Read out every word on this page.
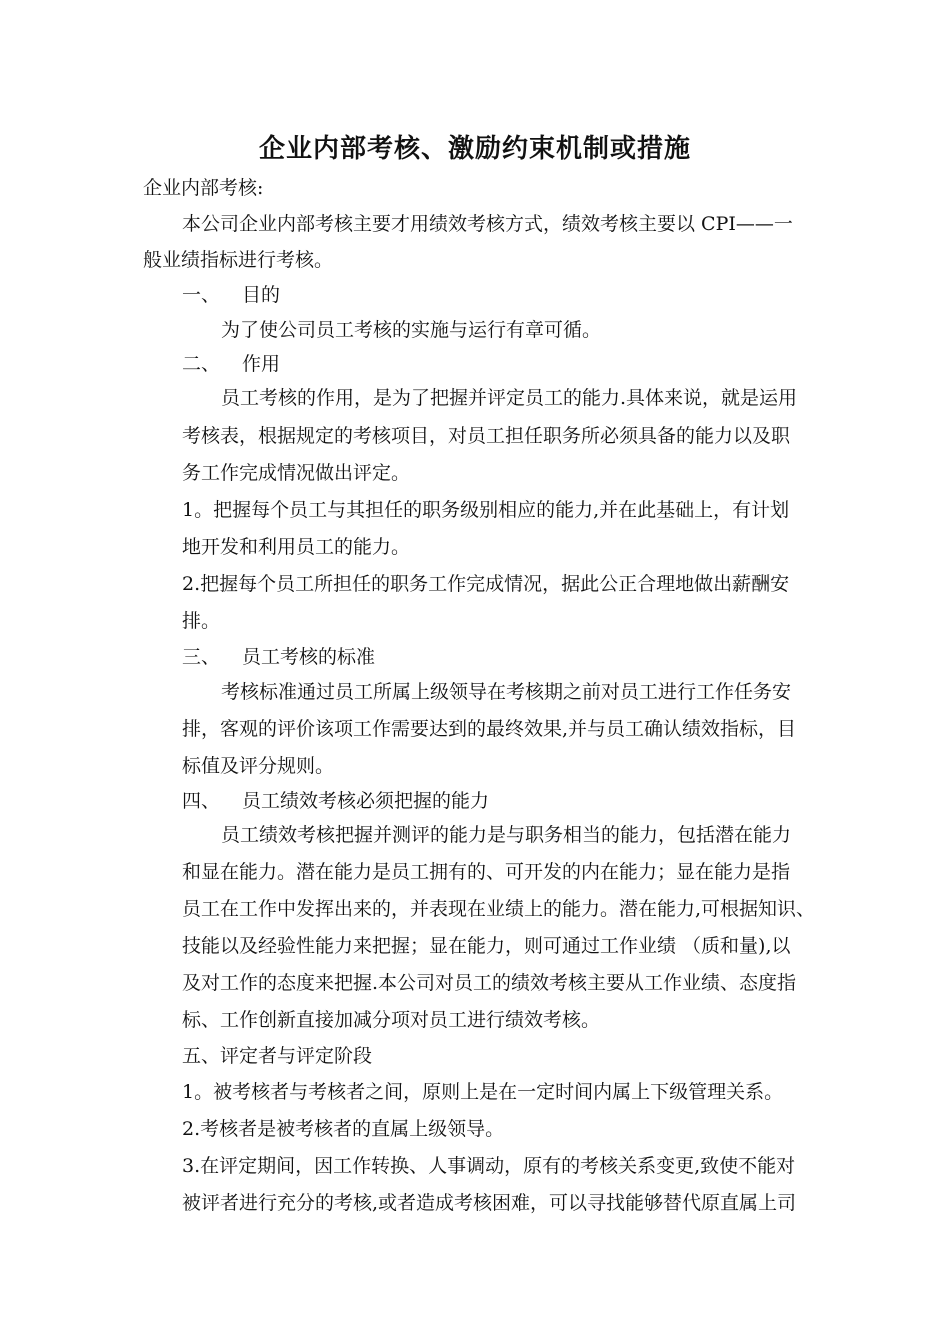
企业内部考核、激励约束机制或措施
企业内部考核:
本公司企业内部考核主要才用绩效考核方式，绩效考核主要以 CPI——一
般业绩指标进行考核。
一、 目的
为了使公司员工考核的实施与运行有章可循。
二、 作用
员工考核的作用，是为了把握并评定员工的能力.具体来说，就是运用
考核表，根据规定的考核项目，对员工担任职务所必须具备的能力以及职
务工作完成情况做出评定。
1。把握每个员工与其担任的职务级别相应的能力,并在此基础上，有计划
地开发和利用员工的能力。
2.把握每个员工所担任的职务工作完成情况，据此公正合理地做出薪酬安
排。
三、 员工考核的标准
考核标准通过员工所属上级领导在考核期之前对员工进行工作任务安
排，客观的评价该项工作需要达到的最终效果,并与员工确认绩效指标，目
标值及评分规则。
四、 员工绩效考核必须把握的能力
员工绩效考核把握并测评的能力是与职务相当的能力，包括潜在能力
和显在能力。潜在能力是员工拥有的、可开发的内在能力；显在能力是指
员工在工作中发挥出来的，并表现在业绩上的能力。潜在能力,可根据知识、
技能以及经验性能力来把握；显在能力，则可通过工作业绩 （质和量),以
及对工作的态度来把握.本公司对员工的绩效考核主要从工作业绩、态度指
标、工作创新直接加减分项对员工进行绩效考核。
五、评定者与评定阶段
1。被考核者与考核者之间，原则上是在一定时间内属上下级管理关系。
2.考核者是被考核者的直属上级领导。
3.在评定期间，因工作转换、人事调动，原有的考核关系变更,致使不能对
被评者进行充分的考核,或者造成考核困难，可以寻找能够替代原直属上司
